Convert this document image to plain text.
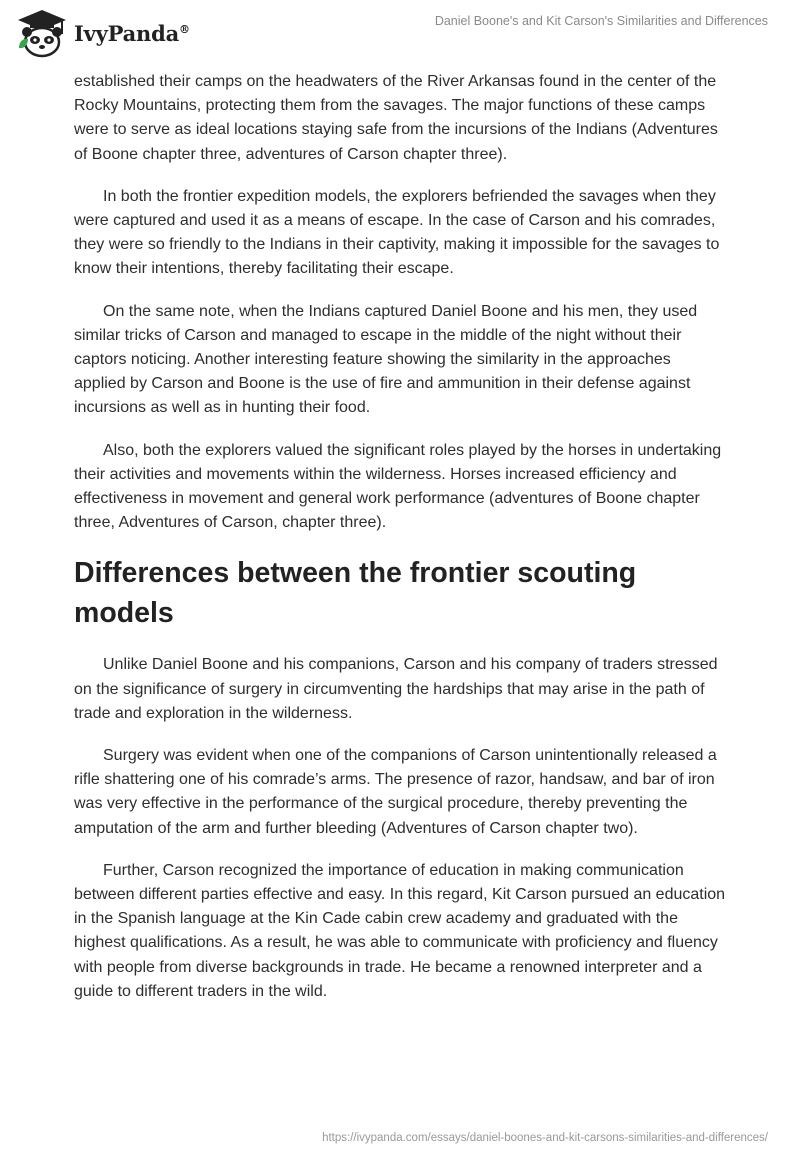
IvyPanda®
Daniel Boone's and Kit Carson's Similarities and Differences

established their camps on the headwaters of the River Arkansas found in the center of the Rocky Mountains, protecting them from the savages. The major functions of these camps were to serve as ideal locations staying safe from the incursions of the Indians (Adventures of Boone chapter three, adventures of Carson chapter three).

In both the frontier expedition models, the explorers befriended the savages when they were captured and used it as a means of escape. In the case of Carson and his comrades, they were so friendly to the Indians in their captivity, making it impossible for the savages to know their intentions, thereby facilitating their escape.

On the same note, when the Indians captured Daniel Boone and his men, they used similar tricks of Carson and managed to escape in the middle of the night without their captors noticing. Another interesting feature showing the similarity in the approaches applied by Carson and Boone is the use of fire and ammunition in their defense against incursions as well as in hunting their food.

Also, both the explorers valued the significant roles played by the horses in undertaking their activities and movements within the wilderness. Horses increased efficiency and effectiveness in movement and general work performance (adventures of Boone chapter three, Adventures of Carson, chapter three).

Differences between the frontier scouting models

Unlike Daniel Boone and his companions, Carson and his company of traders stressed on the significance of surgery in circumventing the hardships that may arise in the path of trade and exploration in the wilderness.

Surgery was evident when one of the companions of Carson unintentionally released a rifle shattering one of his comrade’s arms. The presence of razor, handsaw, and bar of iron was very effective in the performance of the surgical procedure, thereby preventing the amputation of the arm and further bleeding (Adventures of Carson chapter two).

Further, Carson recognized the importance of education in making communication between different parties effective and easy. In this regard, Kit Carson pursued an education in the Spanish language at the Kin Cade cabin crew academy and graduated with the highest qualifications. As a result, he was able to communicate with proficiency and fluency with people from diverse backgrounds in trade. He became a renowned interpreter and a guide to different traders in the wild.

https://ivypanda.com/essays/daniel-boones-and-kit-carsons-similarities-and-differences/
